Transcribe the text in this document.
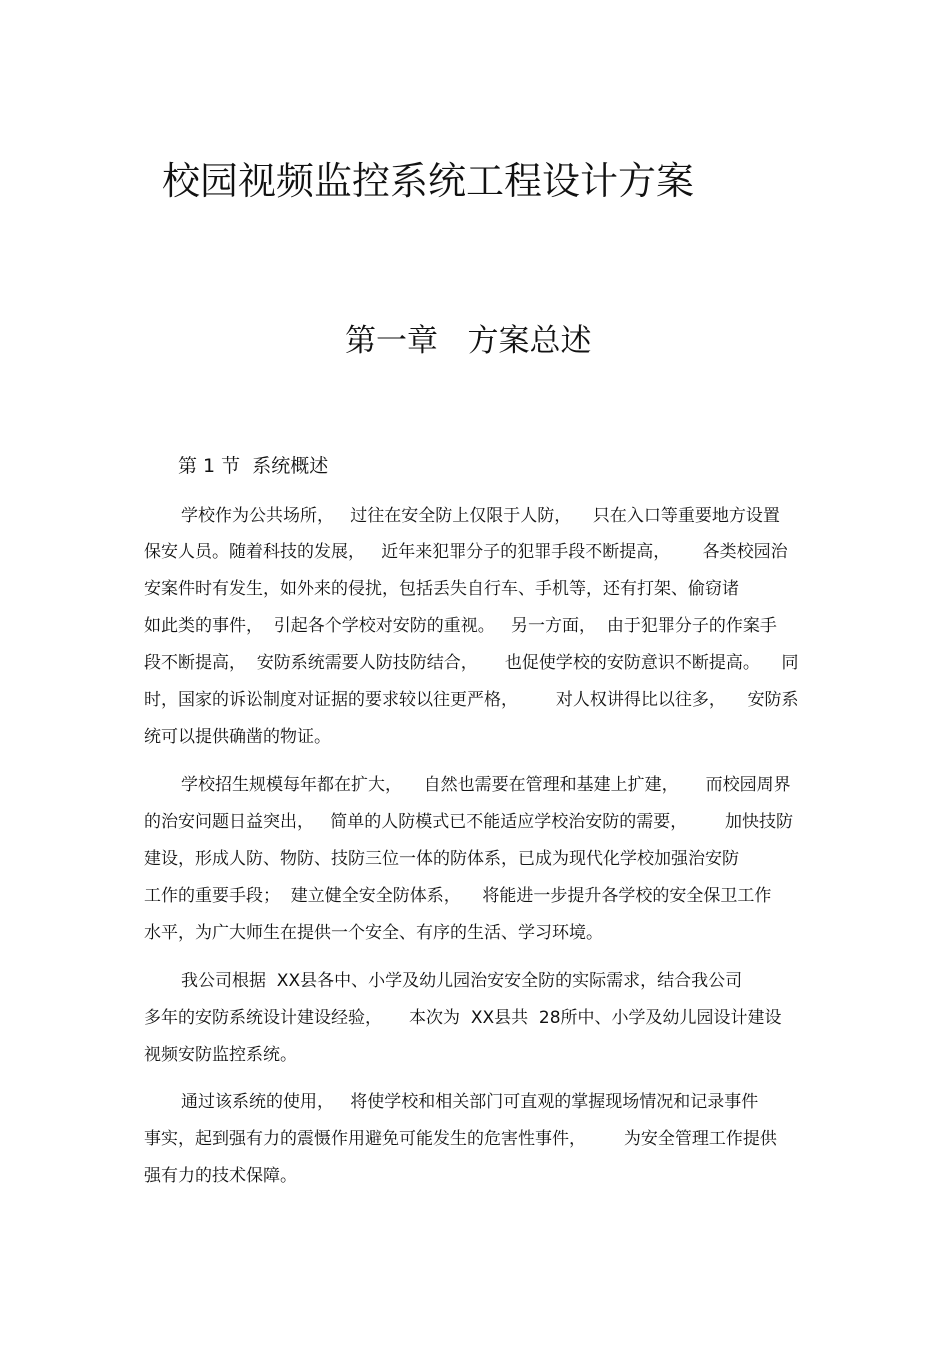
校园视频监控系统工程设计方案
第一章   方案总述
第 1 节  系统概述
学校作为公共场所，   过往在安全防上仅限于人防，    只在入口等重要地方设置
保安人员。随着科技的发展，   近年来犯罪分子的犯罪手段不断提高，      各类校园治
安案件时有发生，如外来的侵扰，包括丢失自行车、手机等，还有打架、偷窃诸
如此类的事件，  引起各个学校对安防的重视。   另一方面，  由于犯罪分子的作案手
段不断提高，  安防系统需要人防技防结合，     也促使学校的安防意识不断提高。    同
时，国家的诉讼制度对证据的要求较以往更严格，       对人权讲得比以往多，    安防系
统可以提供确凿的物证。
学校招生规模每年都在扩大，    自然也需要在管理和基建上扩建，     而校园周界
的治安问题日益突出，   简单的人防模式已不能适应学校治安防的需要，       加快技防
建设，形成人防、物防、技防三位一体的防体系，已成为现代化学校加强治安防
工作的重要手段；  建立健全安全防体系，    将能进一步提升各学校的安全保卫工作
水平，为广大师生在提供一个安全、有序的生活、学习环境。
我公司根据  XX县各中、小学及幼儿园治安安全防的实际需求，结合我公司
多年的安防系统设计建设经验，     本次为  XX县共  28所中、小学及幼儿园设计建设
视频安防监控系统。
通过该系统的使用，   将使学校和相关部门可直观的掌握现场情况和记录事件
事实，起到强有力的震慑作用避免可能发生的危害性事件，       为安全管理工作提供
强有力的技术保障。
